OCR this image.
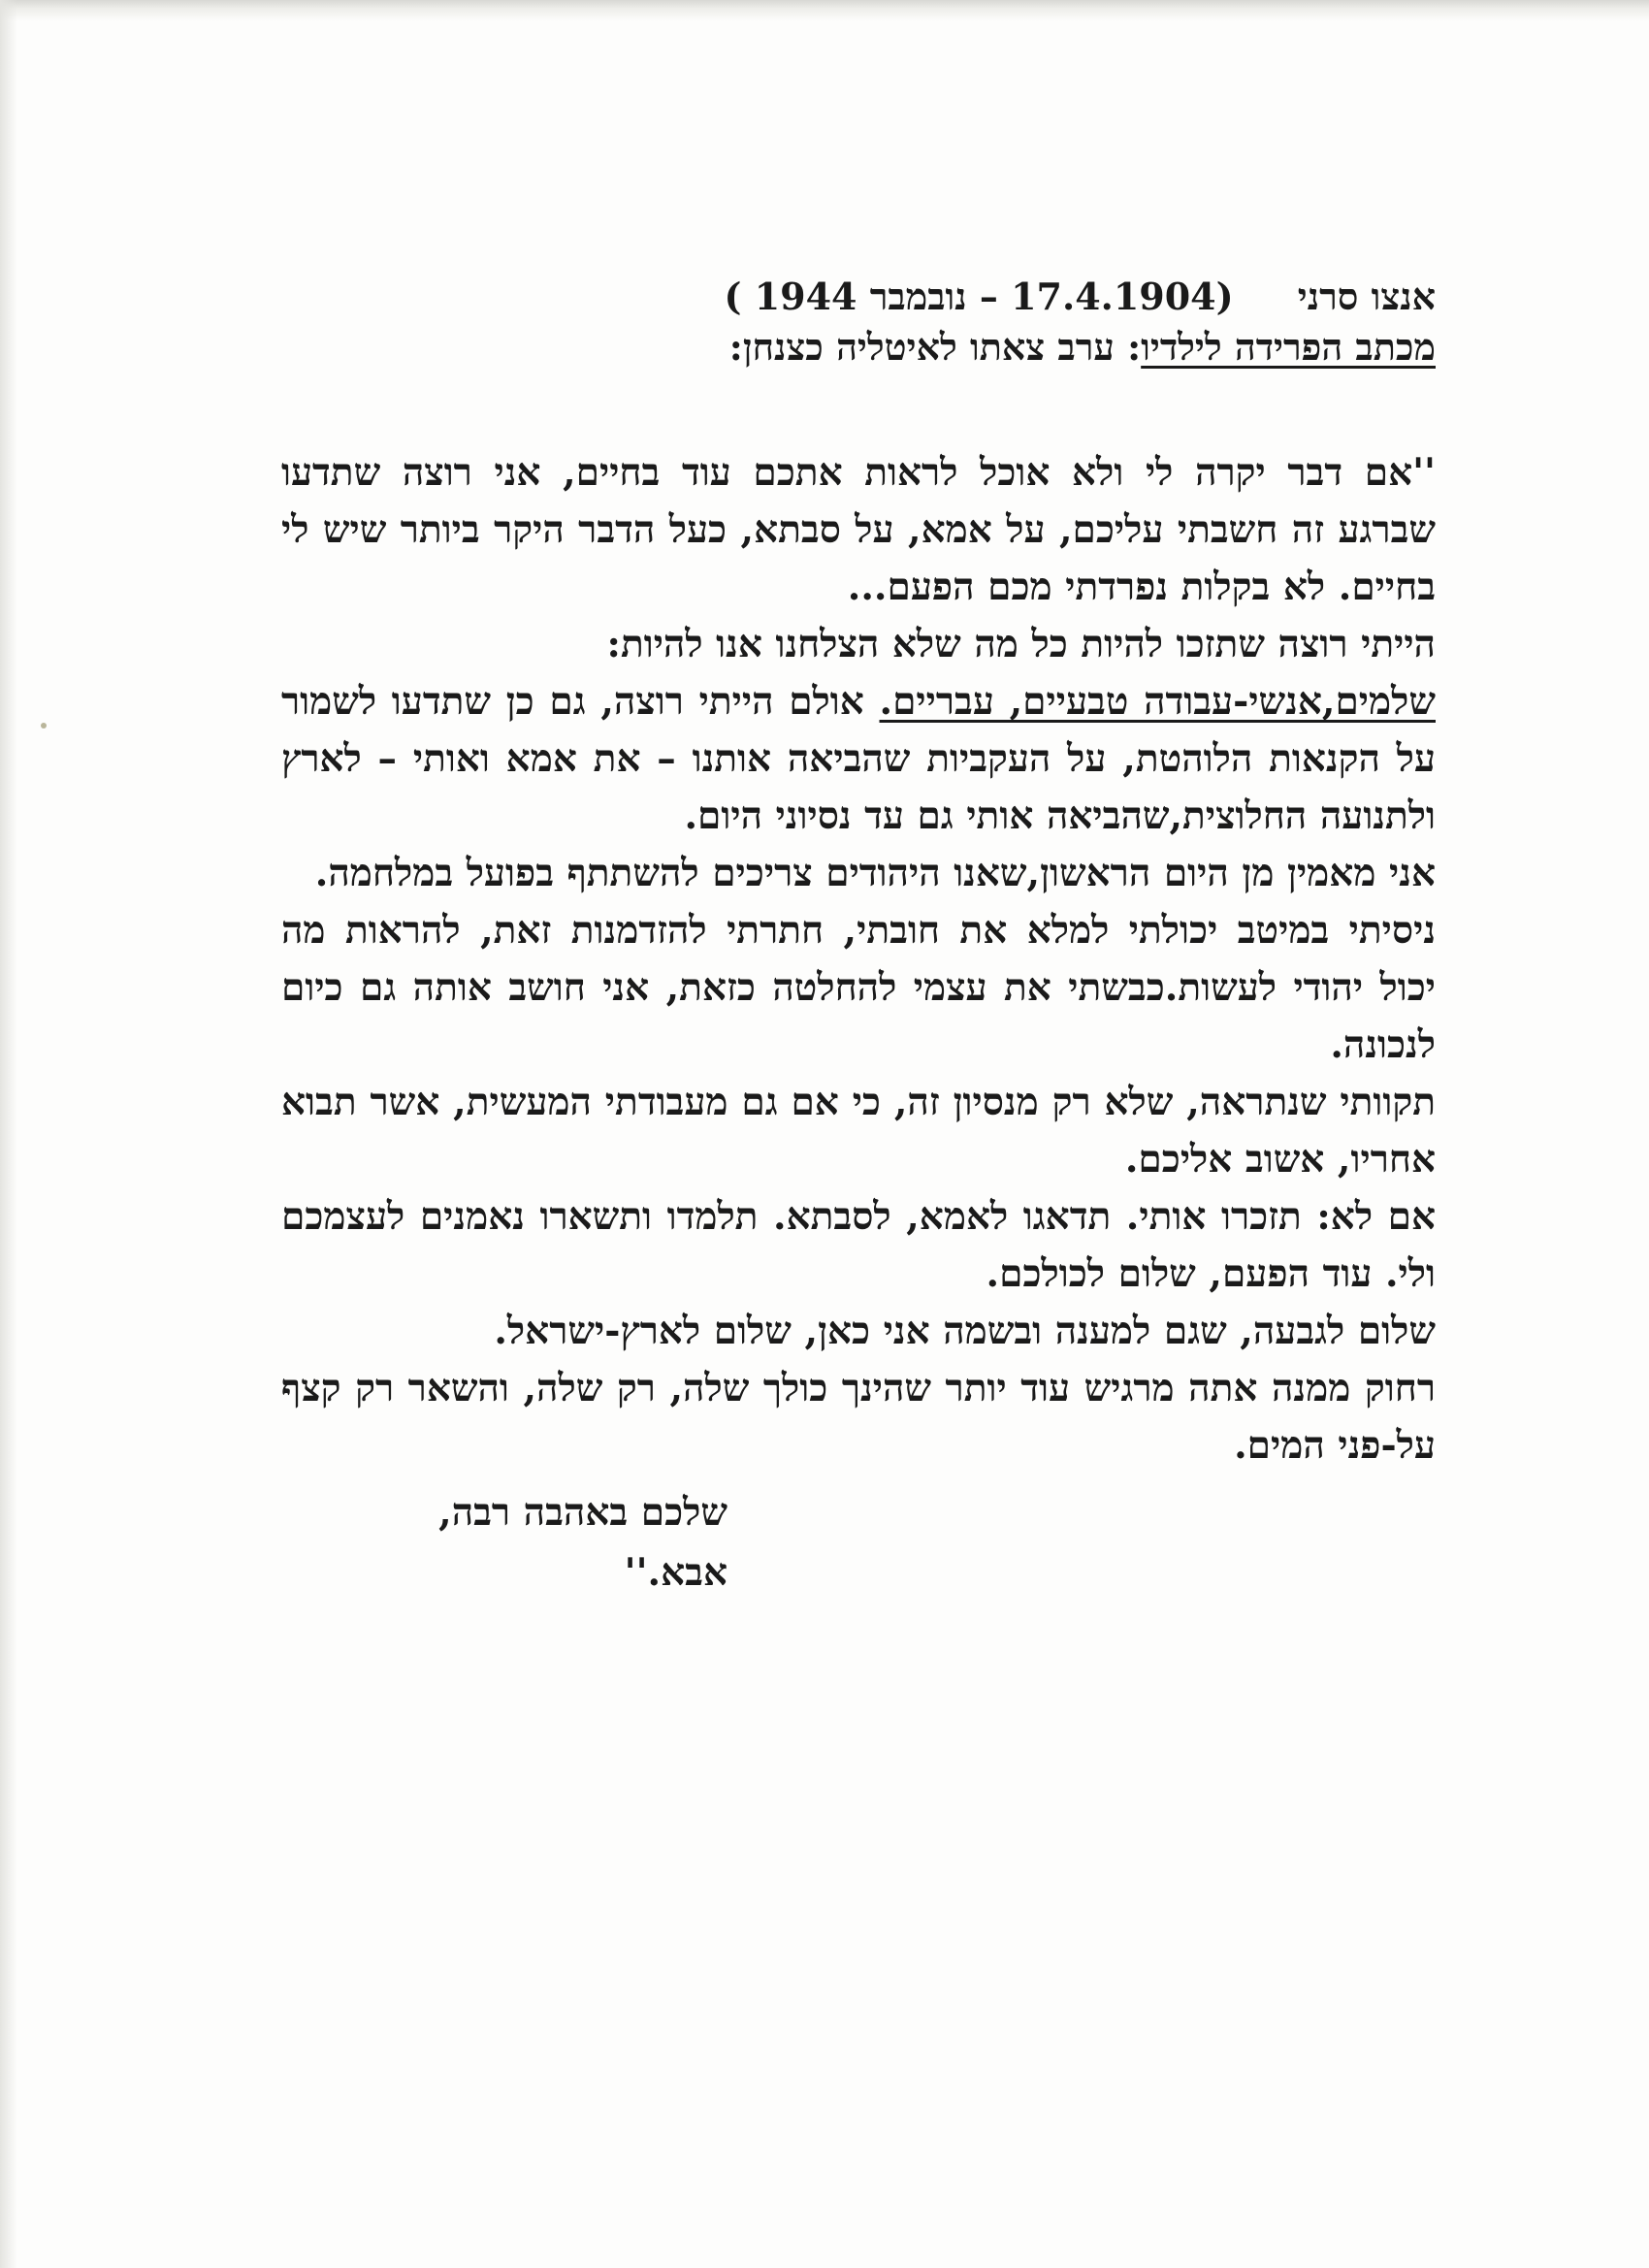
אנצו סרני     (17.4.1904 – נובמבר 1944 )
מכתב הפרידה לילדיו: ערב צאתו לאיטליה כצנחן:

''אם דבר יקרה לי ולא אוכל לראות אתכם עוד בחיים, אני רוצה שתדעו שברגע זה חשבתי עליכם, על אמא, על סבתא, כעל הדבר היקר ביותר שיש לי בחיים. לא בקלות נפרדתי מכם הפעם...

הייתי רוצה שתזכו להיות כל מה שלא הצלחנו אנו להיות:
שלמים,אנשי-עבודה טבעיים, עבריים. אולם הייתי רוצה, גם כן שתדעו לשמור על הקנאות הלוהטת, על העקביות שהביאה אותנו – את אמא ואותי – לארץ ולתנועה החלוצית,שהביאה אותי גם עד נסיוני היום.

אני מאמין מן היום הראשון,שאנו היהודים צריכים להשתתף בפועל במלחמה.

ניסיתי במיטב יכולתי למלא את חובתי, חתרתי להזדמנות זאת, להראות מה יכול יהודי לעשות.כבשתי את עצמי להחלטה כזאת, אני חושב אותה גם כיום לנכונה.

תקוותי שנתראה, שלא רק מנסיון זה, כי אם גם מעבודתי המעשית, אשר תבוא אחריו, אשוב אליכם.

אם לא: תזכרו אותי. תדאגו לאמא, לסבתא. תלמדו ותשארו נאמנים לעצמכם ולי. עוד הפעם, שלום לכולכם.

שלום לגבעה, שגם למענה ובשמה אני כאן, שלום לארץ-ישראל.

רחוק ממנה אתה מרגיש עוד יותר שהינך כולך שלה, רק שלה, והשאר רק קצף על-פני המים.

שלכם באהבה רבה,

אבא.''
